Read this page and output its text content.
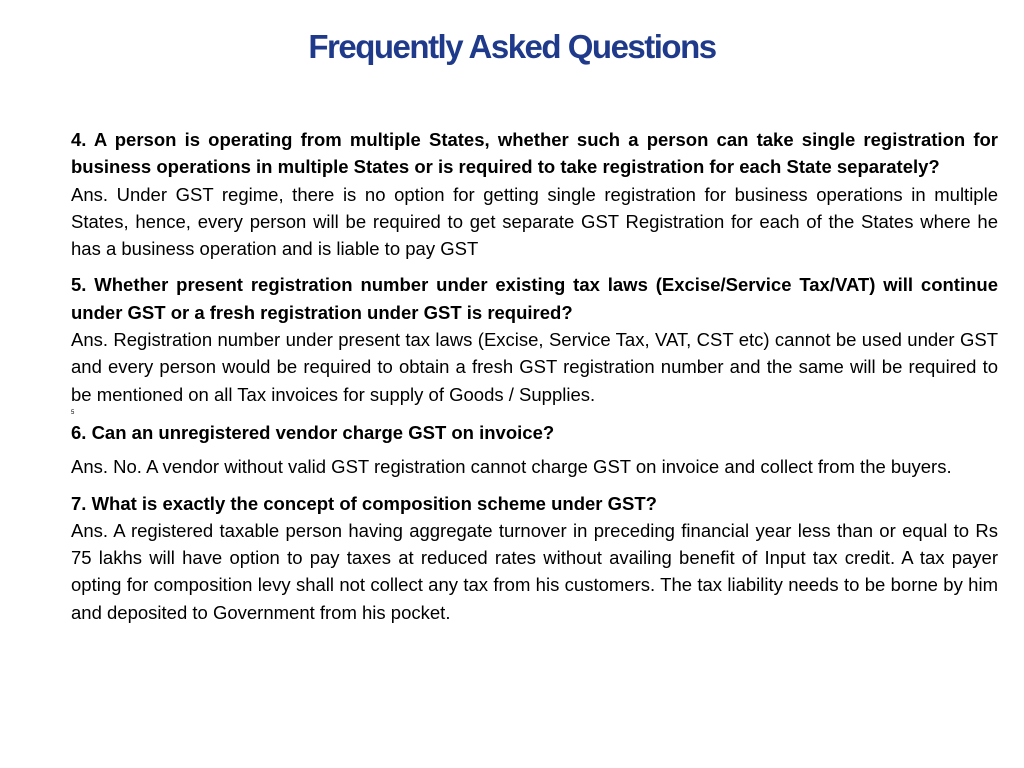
Frequently Asked Questions

4. A person is operating from multiple States, whether such a person can take single registration for business operations in multiple States or is required to take registration for each State separately?

Ans. Under GST regime, there is no option for getting single registration for business operations in multiple States, hence, every person will be required to get separate GST Registration for each of the States where he has a business operation and is liable to pay GST

5. Whether present registration number under existing tax laws (Excise/Service Tax/VAT) will continue under GST or a fresh registration under GST is required?

Ans. Registration number under present tax laws (Excise, Service Tax, VAT, CST etc) cannot be used under GST and every person would be required to obtain a fresh GST registration number and the same will be required to be mentioned on all Tax invoices for supply of Goods / Supplies.

5

6. Can an unregistered vendor charge GST on invoice?

Ans. No. A vendor without valid GST registration cannot charge GST on invoice and collect from the buyers.

7. What is exactly the concept of composition scheme under GST?

Ans. A registered taxable person having aggregate turnover in preceding financial year less than or equal to Rs 75 lakhs will have option to pay taxes at reduced rates without availing benefit of Input tax credit. A tax payer opting for composition levy shall not collect any tax from his customers. The tax liability needs to be borne by him and deposited to Government from his pocket.
